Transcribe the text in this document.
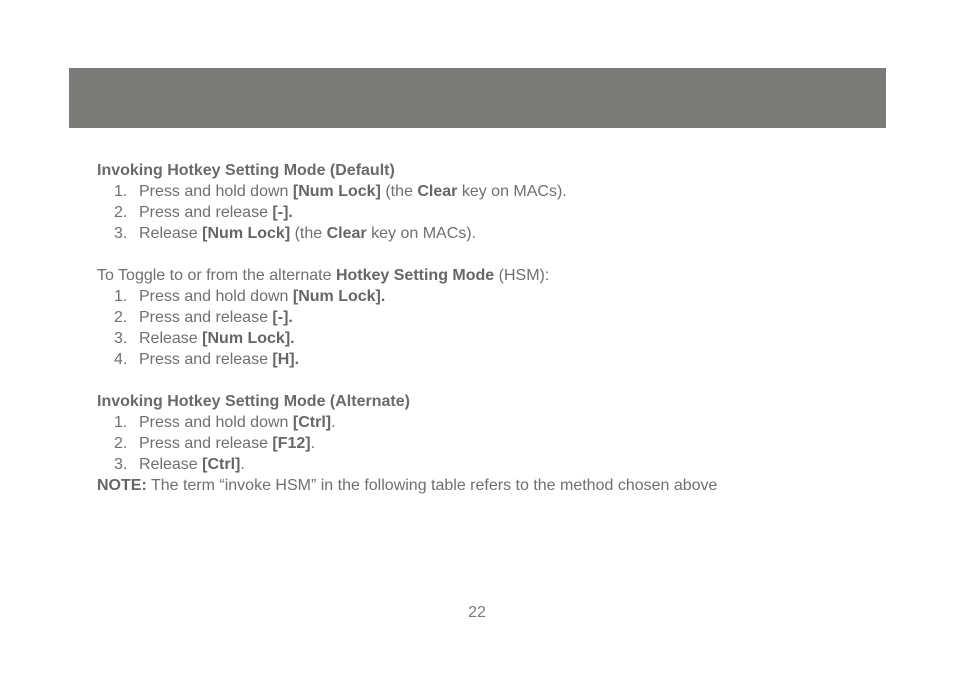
Invoking Hotkey Setting Mode (Default)
1. Press and hold down [Num Lock] (the Clear key on MACs).
2. Press and release [-].
3. Release [Num Lock] (the Clear key on MACs).
To Toggle to or from the alternate Hotkey Setting Mode (HSM):
1. Press and hold down [Num Lock].
2. Press and release [-].
3. Release [Num Lock].
4. Press and release [H].
Invoking Hotkey Setting Mode (Alternate)
1. Press and hold down [Ctrl].
2. Press and release [F12].
3. Release [Ctrl].
NOTE: The term “invoke HSM” in the following table refers to the method chosen above
22
